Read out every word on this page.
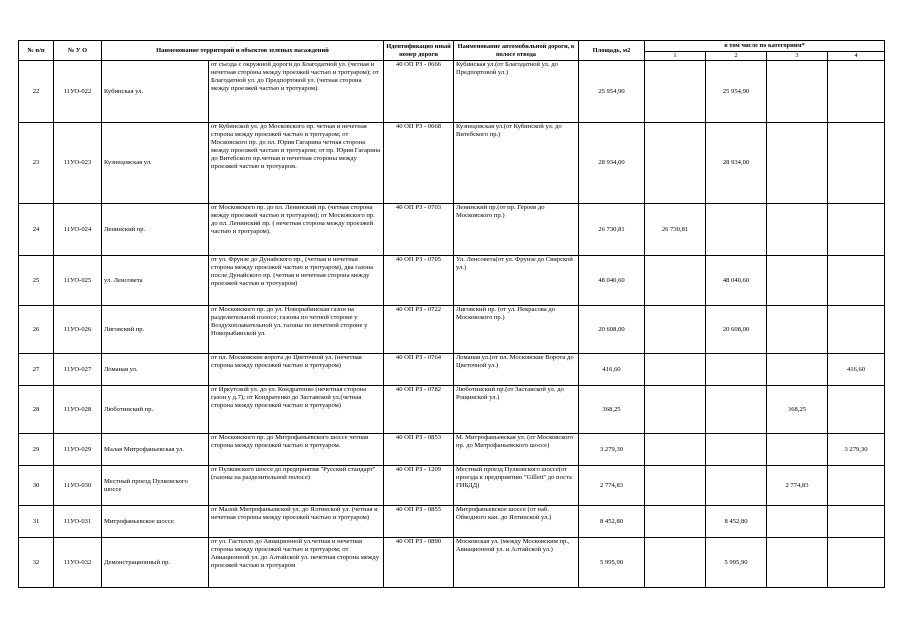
№ п/п	№ У О	Наименование территорий и объектов зеленых насаждений		Идентификацио нный номер дороги	Наименование автомобильной дороги, в полосе отвода	Площадь, м2	в том числе по категориям*			
							1	2	3	4
22	11УО-022	Кубинская ул.	от съезда с окружной дороги до Благодатной ул. (четная и нечетная стороны между проезжей частью и тротуаром); от Благодатной ул. до Предпортовой ул. (четная сторона между проезжей частью и тротуаром).	40 ОП РЗ - 0666	Кубинская ул.(от Благодатной ул. до Предпортовой ул.)	25 954,90		25 954,90		
23	11УО-023	Кузнецовская ул.	от Кубинской ул. до Московского пр. четная и нечетная сторона между проезжей частью и тротуаром; от Московского пр. до пл. Юрия Гагарина четная сторона между проезжей частью и тротуаром; от пр. Юрия Гагарина до Витебского пр.четная и нечетная стороны между проезжей частью и тротуаром.	40 ОП РЗ - 0668	Кузнецовская ул.(от Кубинской ул. до Витебского пр.)	28 934,00		28 934,00		
24	11УО-024	Ленинский пр.	от Московского пр. до пл. Ленинский пр. (четная сторона между проезжей частью и тротуаром); от Московского пр. до пл. Ленинский пр. ( нечетная сторона между проезжей частью и тротуаром).	40 ОП РЗ - 0703	Ленинский пр.(от пр. Героев до Московского пр.)	26 730,81	26 730,81			
25	11УО-025	ул. Ленсовета	от ул. Фрунзе до Дунайского пр., (четная и нечетная сторона между проезжей частью и тротуаром), два газона после Дунайского пр. (четная и нечетная сторона между проезжей частью и тротуаром)	40 ОП РЗ - 0705	Ул. Ленсовета(от ул. Фрунзе до Свирской ул.)	48 040,60		48 040,60		
26	11УО-026	Лиговский пр.	от Московского пр. до ул. Новорыбинская газон на разделительной полосе; газоны по четной стороне у Воздухоплавательной ул. газоны по нечетной стороне у Новорыбинской ул.	40 ОП РЗ - 0722	Лиговский пр. (от ул. Некрасова до Московского пр.)	20 608,00		20 608,00		
27	11УО-027	Ломаная ул.	от пл. Московские ворота до Цветочной ул. (нечетная сторона между проезжей частью и тротуаром)	40 ОП РЗ - 0764	Ломаная ул.(от пл. Московские Ворота до Цветочной ул.)	416,60				416,60
28	11УО-028	Люботинский пр.	от Иркутской ул. до ул. Кондратенко (нечетная сторона газон у д.7); от Кондратенко до Заставской ул.(четная сторона между проезжей частью и тротуаром)	40 ОП РЗ - 0782	Люботинский пр.(от Заставской ул. до Рощинской ул.)	368,25			368,25	
29	11УО-029	Малая Митрофаньевская ул.	от Московского пр. до Митрофаньевского шоссе четная сторона между проезжей частью и тротуаром.	40 ОП РЗ - 0853	М. Митрофаньевская ул. (от Московского пр. до Митрофаньевского шоссе)	3 279,30				3 279,30
30	11УО-030	Местный проезд Пулковского шоссе	от Пулковского шоссе до предприятия "Русский стандарт" (газоны на разделительной полосе)	40 ОП РЗ - 1209	Местный проезд Пулковского шоссе(от проезда к предприятию "Gillett" до поста ГИБДД)	2 774,83			2 774,83	
31	11УО-031	Митрофаньевское шоссе	от Малой Митрофаньевской ул. до Ялтинской ул. (четная и нечетная стороны между проезжей частью и тротуаром)	40 ОП РЗ - 0855	Митрофаньевское шоссе (от наб. Обводного кан. до Ялтинской ул.)	8 452,80		8 452,80		
32	11УО-032	Демонстрационный пр.	от ул. Гастелло до Авиационной ул.четная и нечетная сторона между проезжей частью и тротуаром; от Авиационной ул. до Алтайской ул. нечетная сторона между проезжей частью и тротуаром	40 ОП РЗ - 0890	Московская ул. (между Московским пр., Авиационной ул. и Алтайской ул.)	5 995,90		5 995,90		
